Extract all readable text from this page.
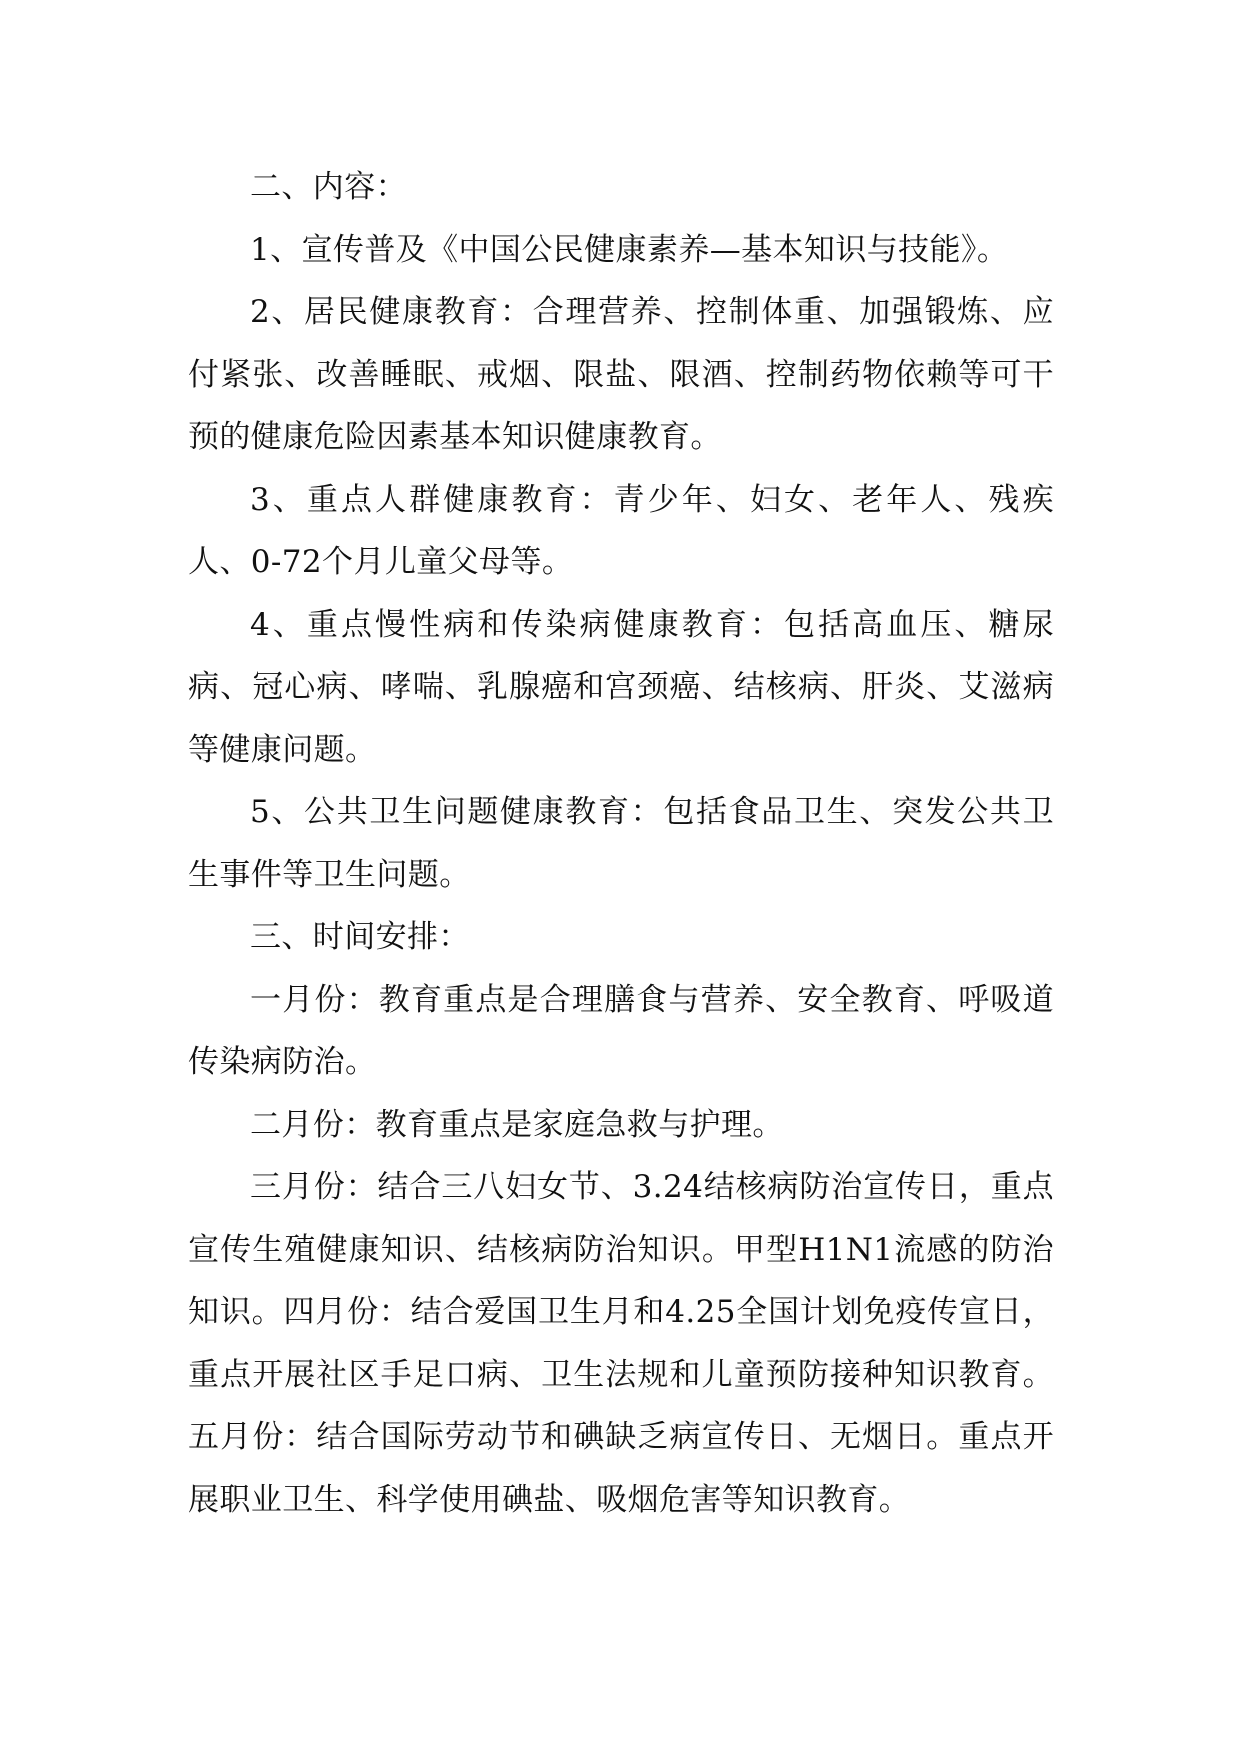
二、内容：

1、宣传普及《中国公民健康素养—基本知识与技能》。

2、居民健康教育：合理营养、控制体重、加强锻炼、应付紧张、改善睡眠、戒烟、限盐、限酒、控制药物依赖等可干预的健康危险因素基本知识健康教育。

3、重点人群健康教育：青少年、妇女、老年人、残疾人、0-72个月儿童父母等。

4、重点慢性病和传染病健康教育：包括高血压、糖尿病、冠心病、哮喘、乳腺癌和宫颈癌、结核病、肝炎、艾滋病等健康问题。

5、公共卫生问题健康教育：包括食品卫生、突发公共卫生事件等卫生问题。

三、时间安排：

一月份：教育重点是合理膳食与营养、安全教育、呼吸道传染病防治。

二月份：教育重点是家庭急救与护理。

三月份：结合三八妇女节、3.24结核病防治宣传日，重点宣传生殖健康知识、结核病防治知识。甲型H1N1流感的防治知识。四月份：结合爱国卫生月和4.25全国计划免疫传宣日，重点开展社区手足口病、卫生法规和儿童预防接种知识教育。五月份：结合国际劳动节和碘缺乏病宣传日、无烟日。重点开展职业卫生、科学使用碘盐、吸烟危害等知识教育。
